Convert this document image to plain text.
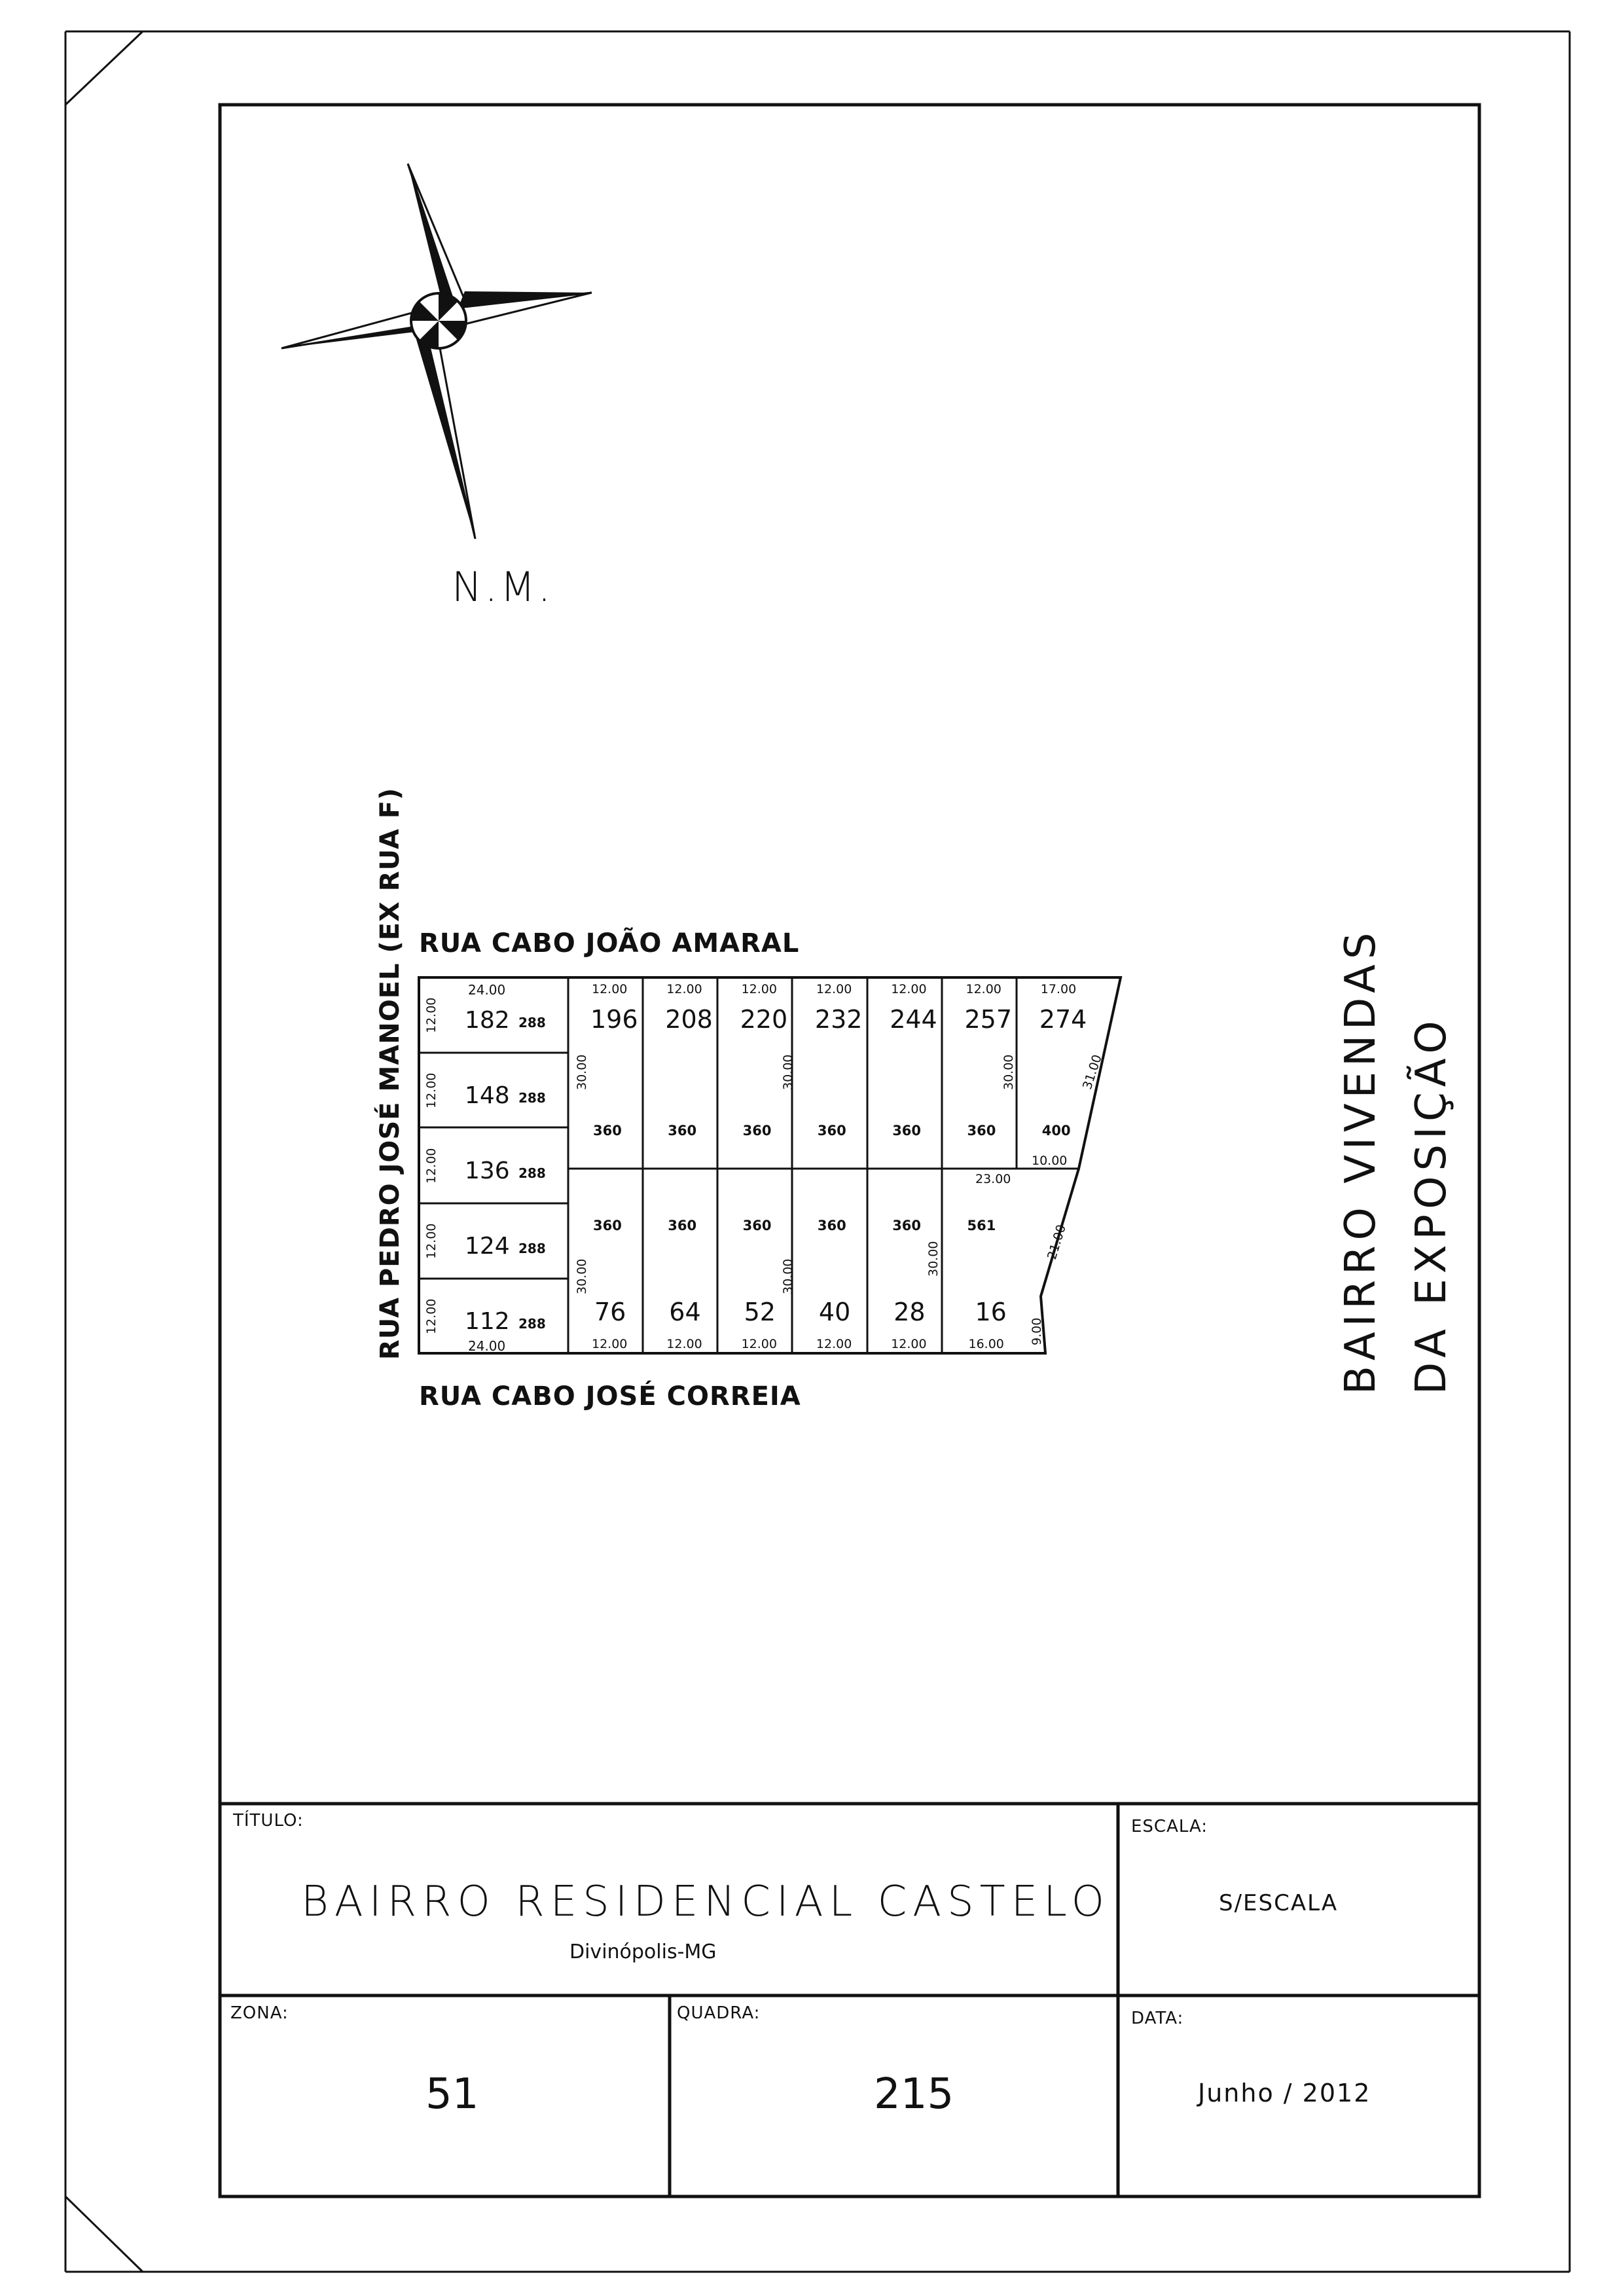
N.M.
RUA CABO JOÃO AMARAL
RUA CABO JOSÉ CORREIA
RUA PEDRO JOSÉ MANOEL (EX RUA F)	BAIRRO VIVENDAS DA EXPOSIÇÃO
182 288
12.00
148 288
12.00
136 288
12.00
124 288
12.00
112 288
12.00
12.00
196
360
12.00
208
360
12.00
220
360
12.00
232
360
12.00
244
360
12.00
257
360
17.00
274
400
360
76
12.00
360
64
12.00
360
52
12.00
360
40
12.00
360
28
12.00
561
16
16.00
24.00
24.00
30.00	30.00	30.00
30.00	30.00	30.00
31.00
10.00
23.00
21.00
9.00
TÍTULO:
BAIRRO RESIDENCIAL CASTELO
Divinópolis-MG
ESCALA:
S/ESCALA
ZONA:
51
QUADRA:
215
DATA:
Junho / 2012
